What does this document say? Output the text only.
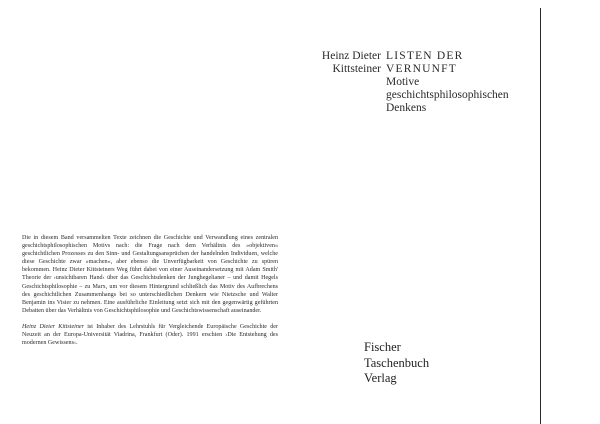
Die in diesem Band versammelten Texte zeichnen die Geschichte und Verwandlung eines zentralen geschichtsphilosophischen Motivs nach: die Frage nach dem Verhältnis des »objektiven« geschichtlichen Prozesses zu den Sinn- und Gestaltungsansprüchen der handelnden Individuen, welche diese Geschichte zwar »machen«, aber ebenso die Unverfügbarkeit von Geschichte zu spüren bekommen. Heinz Dieter Kittsteiners Weg führt dabei von einer Auseinandersetzung mit Adam Smith' Theorie der ›unsichtbaren Hand‹ über das Geschichtsdenken der Junghegelianer – und damit Hegels Geschichtsphilosophie – zu Marx, um vor diesem Hintergrund schließlich das Motiv des Aufbrechens des geschichtlichen Zusammenhangs bei so unterschiedlichen Denkern wie Nietzsche und Walter Benjamin ins Visier zu nehmen. Eine ausführliche Einleitung setzt sich mit den gegenwärtig geführten Debatten über das Verhältnis von Geschichtsphilosophie und Geschichtswissenschaft auseinander.

Heinz Dieter Kittsteiner ist Inhaber des Lehrstuhls für Vergleichende Europäische Geschichte der Neuzeit an der Europa-Universität Viadrina, Frankfurt (Oder). 1991 erschien ›Die Entstehung des modernen Gewissens‹.

Heinz Dieter
Kittsteiner
LISTEN DER
VERNUNFT
Motive
geschichtsphilosophischen
Denkens
Fischer
Taschenbuch
Verlag
